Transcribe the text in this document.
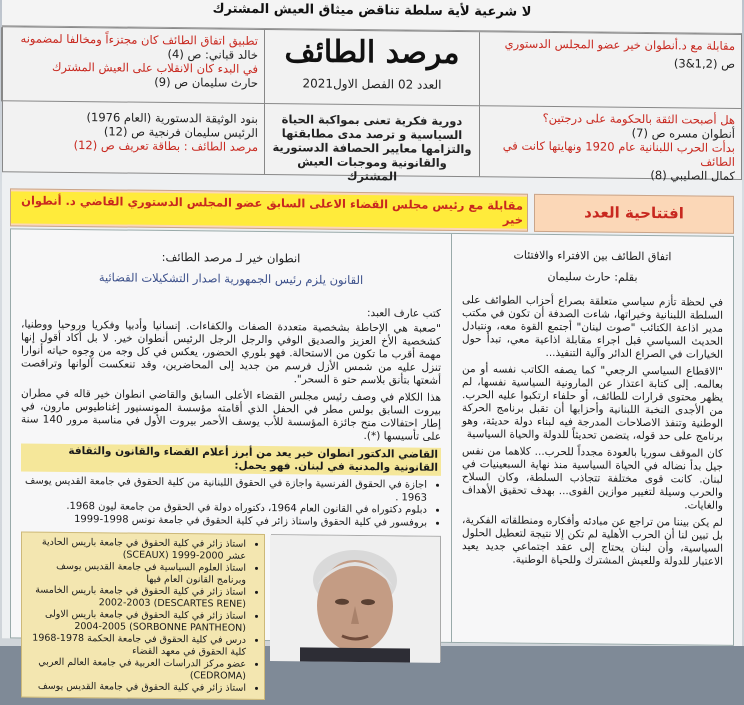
لا شرعية لأية سلطة تناقض ميثاق العيش المشترك
مقابلة مع د.أنطوان خير عضو المجلس الدستوري
ص (1,2&3)
مرصد الطائف
العدد 02 الفصل الاول2021
تطبيق اتفاق الطائف كان مجتزءاً ومخالفا لمضمونه
خالد قباني: ص (4)
في البدء كان الانقلاب على العيش المشترك
حارث سليمان ص (9)
هل أصبحت الثقة بالحكومة على درجتين؟
أنطوان مسره ص (7)
بدأت الحرب اللبنانية عام 1920 ونهايتها كانت في الطائف
كمال الصليبي (8)
دورية فكرية تعنى بمواكبة الحياة السياسية و ترصد مدى مطابقتها والتزامها معايير الحصافة الدستورية والقانونية وموجبات العيش المشترك
بنود الوثيقة الدستورية (العام 1976)
الرئيس سليمان فرنجية ص (12)
مرصد الطائف : بطاقة تعريف ص (12)
افتتاحية العدد
مقابلة مع رئيس مجلس القضاء الاعلى السابق عضو المجلس الدستوري القاضي د. أنطوان خير
اتفاق الطائف بين الافتراء والافتئات
بقلم: حارث سليمان

في لحظة تأزم سياسي متعلقة بصراع أحزاب الطوائف على السلطة اللبنانية وخيراتها، شاءت الصدفة أن تكون في مكتب مدير اذاعة الكتائب "صوت لبنان" أجتمع القوة معه، ونتبادل الحديث السياسي قبل اجراء مقابلة اذاعية معي، تبدأ حول الخيارات في الصراع الدائر وآلية التنفيذ...

"الاقطاع السياسي الرجعي" كما يصفه الكاتب نفسه أو من بعالمه. إلى كتابة اعتذار عن المارونية السياسية نفسها، لم يظهر محتوى قرارات للطائف، أو حلفاء ارتكبوا عليه الحرب. من الأجدى النخبة اللبنانية وأحزابها أن تقبل برنامج الحركة الوطنية وتنفذ الاصلاحات المدرجة فيه لبناء دولة حديثة، وهو برنامج على حد قوله، يتضمن تحديثاً للدولة والحياة السياسية

كان الموقف سوريا بالعودة مجدداً للحرب... كلاهما من نفس جيل بدأ نضاله في الحياة السياسية منذ نهاية السبعينيات في لبنان. كانت قوى مختلفة تتجاذب السلطة، وكان السلاح والحرب وسيلة لتغيير موازين القوى... بهدف تحقيق الأهداف والغايات.

لم يكن بيننا من تراجع عن مبادئه وأفكاره ومنطلقاته الفكرية، بل تبين لنا أن الحرب الأهلية لم تكن إلا نتيجة لتعطيل الحلول السياسية، وأن لبنان يحتاج إلى عقد اجتماعي جديد يعيد الاعتبار للدولة وللعيش المشترك وللحياة الوطنية.

انطوان خير لـ مرصد الطائف:
القانون يلزم رئيس الجمهورية اصدار التشكيلات القضائية
كتب عارف العبد:
"صعبة هي الإحاطة بشخصية متعددة الصفات والكفاءات. إنسانيا وأدبيا وفكريا وروحيا ووطنيا، كشخصية الأخ العزيز والصديق الوفي والرجل الرجل الرئيس أنطوان خير. لا بل أكاد أقول إنها مهمة أقرب ما تكون من الاستحالة. فهو بلوري الحضور، يعكس في كل وجه من وجوه حياته أنوارا تنزل عليه من شمس الأزل فرسم من جديد إلى المحاضرين، وقد تنعكست آلوانها وتراقصت أشعتها بتأنق بلاسم حتو ة السحر".
هذا الكلام في وصف رئيس مجلس القضاء الأعلى السابق والقاضي انطوان خير قاله في مطران بيروت السابق بولس مطر في الحفل الذي أقامته مؤسسة المونسنيور إغناطيوس مارون، في إطار احتفالات منح جائزة المؤسسة للأب يوسف الأحمر بيروت الأول في مناسبة مرور 140 سنة على تأسيسها (*).
القاضي الدكتور انطوان خير يعد من أبرز أعلام القضاء والقانون والثقافة القانونية والمدنية في لبنان. فهو يحمل:
• اجازة في الحقوق الفرنسية واجازة في الحقوق اللبنانية من كلية الحقوق في جامعة القديس يوسف 1963 .
• دبلوم دكتوراه في القانون العام 1964، دكتوراه دولة في الحقوق من جامعة ليون 1968.
• بروفسور في كلية الحقوق واستاذ زائر في كلية الحقوق في جامعة نونس 1998-1999
• استاذ زائر في كلية الحقوق في جامعة باريس الحادية عشر 2000-1999 (SCEAUX)
• استاذ العلوم السياسية في جامعة القديس يوسف وبرنامج القانون العام فيها
• استاذ زائر في كلية الحقوق في جامعة باريس الخامسة (DESCARTES RENE) 2002-2003
• استاذ زائر في كلية الحقوق في جامعة باريس الاولى (SORBONNE PANTHEON) 2004-2005
• درس في كلية الحقوق في جامعة الحكمة 1978-1968 كلية الحقوق في معهد القضاء
• عضو مركز الدراسات العربية في جامعة العالم العربي (CEDROMA)
• استاذ زائر في كلية الحقوق في جامعة القديس يوسف
